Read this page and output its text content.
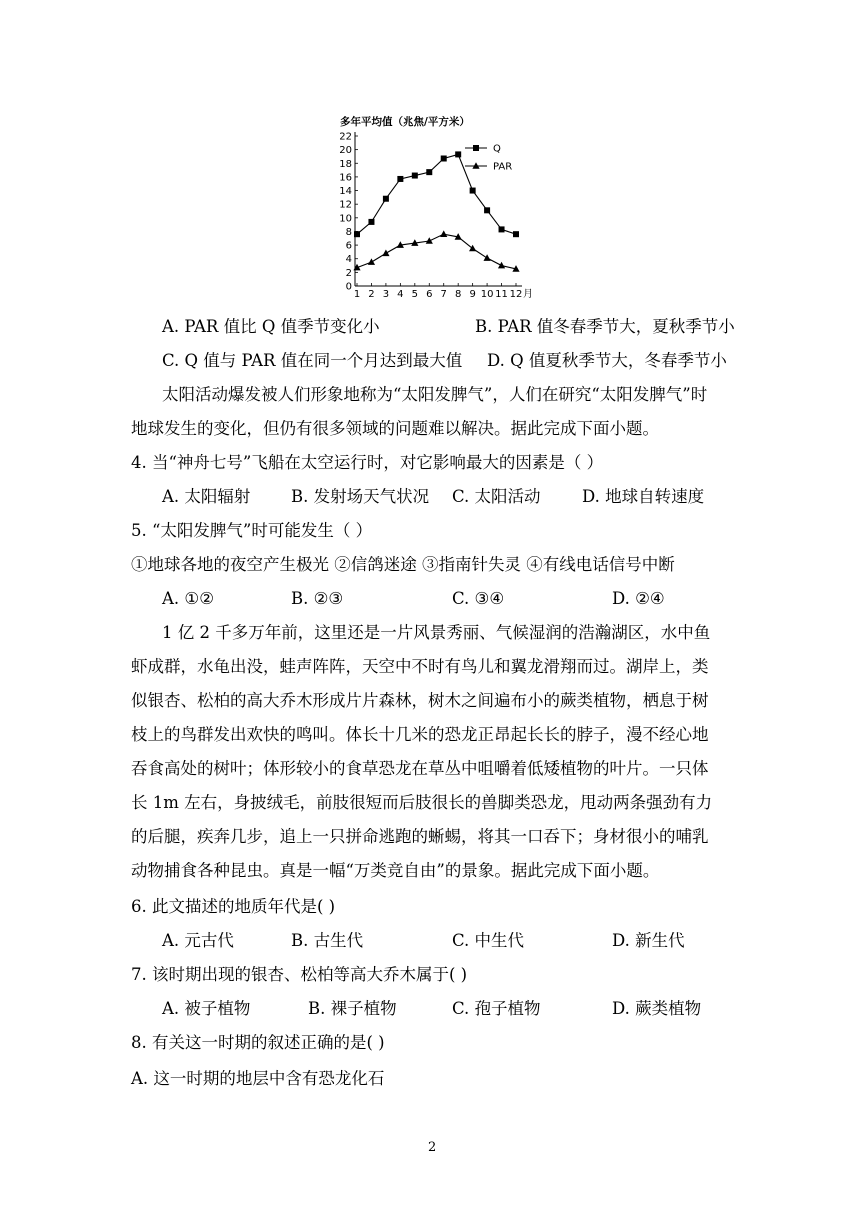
多年平均值（兆焦/平方米）
0
2
4
6
8
10
12
14
16
18
20
22
1 2 3 4 5 6 7 8 9 10 11 12 月
Q
PAR
A. PAR 值比 Q 值季节变化小	B. PAR 值冬春季节大，夏秋季节小
C. Q 值与 PAR 值在同一个月达到最大值 D. Q 值夏秋季节大，冬春季节小
太阳活动爆发被人们形象地称为“太阳发脾气”，人们在研究“太阳发脾气”时
地球发生的变化，但仍有很多领域的问题难以解决。据此完成下面小题。
4. 当“神舟七号”飞船在太空运行时，对它影响最大的因素是（ ）
A. 太阳辐射 B. 发射场天气状况 C. 太阳活动	D. 地球自转速度
5. “太阳发脾气”时可能发生（ ）
①地球各地的夜空产生极光 ②信鸽迷途 ③指南针失灵 ④有线电话信号中断
A. ①②	B. ②③	C. ③④	D. ②④
1 亿 2 千多万年前，这里还是一片风景秀丽、气候湿润的浩瀚湖区，水中鱼
虾成群，水龟出没，蛙声阵阵，天空中不时有鸟儿和翼龙滑翔而过。湖岸上，类
似银杏、松柏的高大乔木形成片片森林，树木之间遍布小的蕨类植物，栖息于树
枝上的鸟群发出欢快的鸣叫。体长十几米的恐龙正昂起长长的脖子，漫不经心地
吞食高处的树叶；体形较小的食草恐龙在草丛中咀嚼着低矮植物的叶片。一只体
长 1m 左右，身披绒毛，前肢很短而后肢很长的兽脚类恐龙，甩动两条强劲有力
的后腿，疾奔几步，追上一只拼命逃跑的蜥蜴，将其一口吞下；身材很小的哺乳
动物捕食各种昆虫。真是一幅“万类竞自由”的景象。据此完成下面小题。
6. 此文描述的地质年代是( )
A. 元古代	B. 古生代	C. 中生代	D. 新生代
7. 该时期出现的银杏、松柏等高大乔木属于( )
A. 被子植物	B. 裸子植物	C. 孢子植物	D. 蕨类植物
8. 有关这一时期的叙述正确的是( )
A. 这一时期的地层中含有恐龙化石
2
